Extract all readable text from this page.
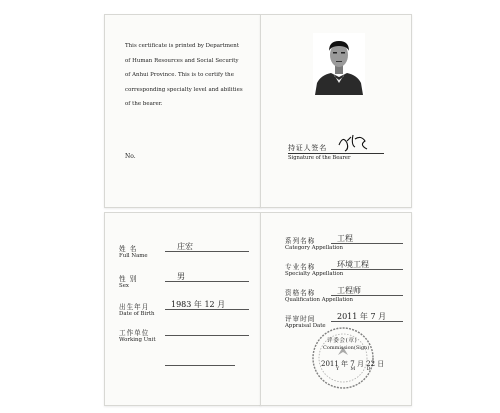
This certificate is printed by Department
of Human Resources and Social Security
of Anhui Province. This is to certify the
corresponding specialty level and abilities
of the bearer.
No.
持证人签名
Signature of the Bearer
姓 名	庄宏
Full Name
性 别	男
Sex
出生年月	1983 年 12 月
Date of Birth
工作单位
Working Unit
系列名称	工程
Category Appellation
专业名称	环境工程
Specialty Appellation
资格名称	工程师
Qualification Appellation
评审时间	2011 年 7 月
Appraisal Date
评委会(章)
Commission(Sign)
2011 年 7 月 22 日
Y M D
